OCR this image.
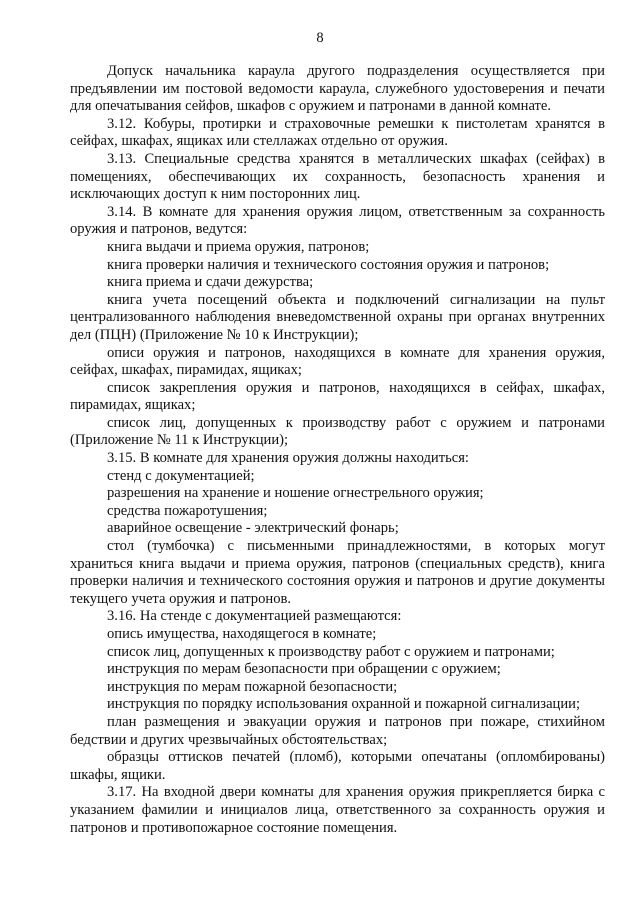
8

Допуск начальника караула другого подразделения осуществляется при предъявлении им постовой ведомости караула, служебного удостоверения и печати для опечатывания сейфов, шкафов с оружием и патронами в данной комнате.

3.12. Кобуры, протирки и страховочные ремешки к пистолетам хранятся в сейфах, шкафах, ящиках или стеллажах отдельно от оружия.

3.13. Специальные средства хранятся в металлических шкафах (сейфах) в помещениях, обеспечивающих их сохранность, безопасность хранения и исключающих доступ к ним посторонних лиц.

3.14. В комнате для хранения оружия лицом, ответственным за сохранность оружия и патронов, ведутся:

книга выдачи и приема оружия, патронов;

книга проверки наличия и технического состояния оружия и патронов;

книга приема и сдачи дежурства;

книга учета посещений объекта и подключений сигнализации на пульт централизованного наблюдения вневедомственной охраны при органах внутренних дел (ПЦН) (Приложение № 10 к Инструкции);

описи оружия и патронов, находящихся в комнате для хранения оружия, сейфах, шкафах, пирамидах, ящиках;

список закрепления оружия и патронов, находящихся в сейфах, шкафах, пирамидах, ящиках;

список лиц, допущенных к производству работ с оружием и патронами (Приложение № 11 к Инструкции);

3.15. В комнате для хранения оружия должны находиться:

стенд с документацией;

разрешения на хранение и ношение огнестрельного оружия;

средства пожаротушения;

аварийное освещение - электрический фонарь;

стол (тумбочка) с письменными принадлежностями, в которых могут храниться книга выдачи и приема оружия, патронов (специальных средств), книга проверки наличия и технического состояния оружия и патронов и другие документы текущего учета оружия и патронов.

3.16. На стенде с документацией размещаются:

опись имущества, находящегося в комнате;

список лиц, допущенных к производству работ с оружием и патронами;

инструкция по мерам безопасности при обращении с оружием;

инструкция по мерам пожарной безопасности;

инструкция по порядку использования охранной и пожарной сигнализации;

план размещения и эвакуации оружия и патронов при пожаре, стихийном бедствии и других чрезвычайных обстоятельствах;

образцы оттисков печатей (пломб), которыми опечатаны (опломбированы) шкафы, ящики.

3.17. На входной двери комнаты для хранения оружия прикрепляется бирка с указанием фамилии и инициалов лица, ответственного за сохранность оружия и патронов и противопожарное состояние помещения.
